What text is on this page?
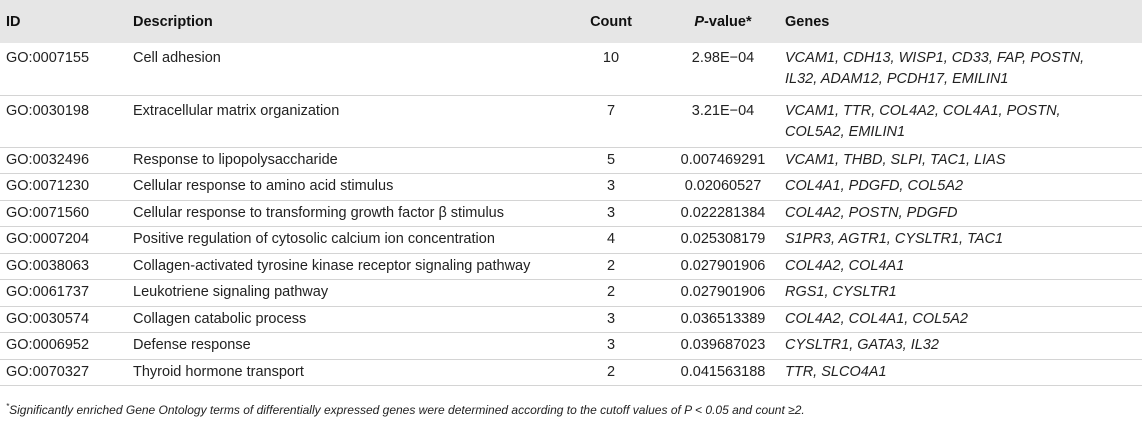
ID	Description	Count	P-value*	Genes
GO:0007155	Cell adhesion	10	2.98E−04	VCAM1, CDH13, WISP1, CD33, FAP, POSTN,
IL32, ADAM12, PCDH17, EMILIN1

GO:0030198	Extracellular matrix organization	7	3.21E−04	VCAM1, TTR, COL4A2, COL4A1, POSTN,
COL5A2, EMILIN1

GO:0032496	Response to lipopolysaccharide	5	0.007469291	VCAM1, THBD, SLPI, TAC1, LIAS
GO:0071230	Cellular response to amino acid stimulus	3	0.02060527	COL4A1, PDGFD, COL5A2
GO:0071560	Cellular response to transforming growth factor β stimulus	3	0.022281384	COL4A2, POSTN, PDGFD
GO:0007204	Positive regulation of cytosolic calcium ion concentration	4	0.025308179	S1PR3, AGTR1, CYSLTR1, TAC1
GO:0038063	Collagen-activated tyrosine kinase receptor signaling pathway	2	0.027901906	COL4A2, COL4A1
GO:0061737	Leukotriene signaling pathway	2	0.027901906	RGS1, CYSLTR1
GO:0030574	Collagen catabolic process	3	0.036513389	COL4A2, COL4A1, COL5A2
GO:0006952	Defense response	3	0.039687023	CYSLTR1, GATA3, IL32
GO:0070327	Thyroid hormone transport	2	0.041563188	TTR, SLCO4A1
*Significantly enriched Gene Ontology terms of differentially expressed genes were determined according to the cutoff values of P < 0.05 and count ≥2.
